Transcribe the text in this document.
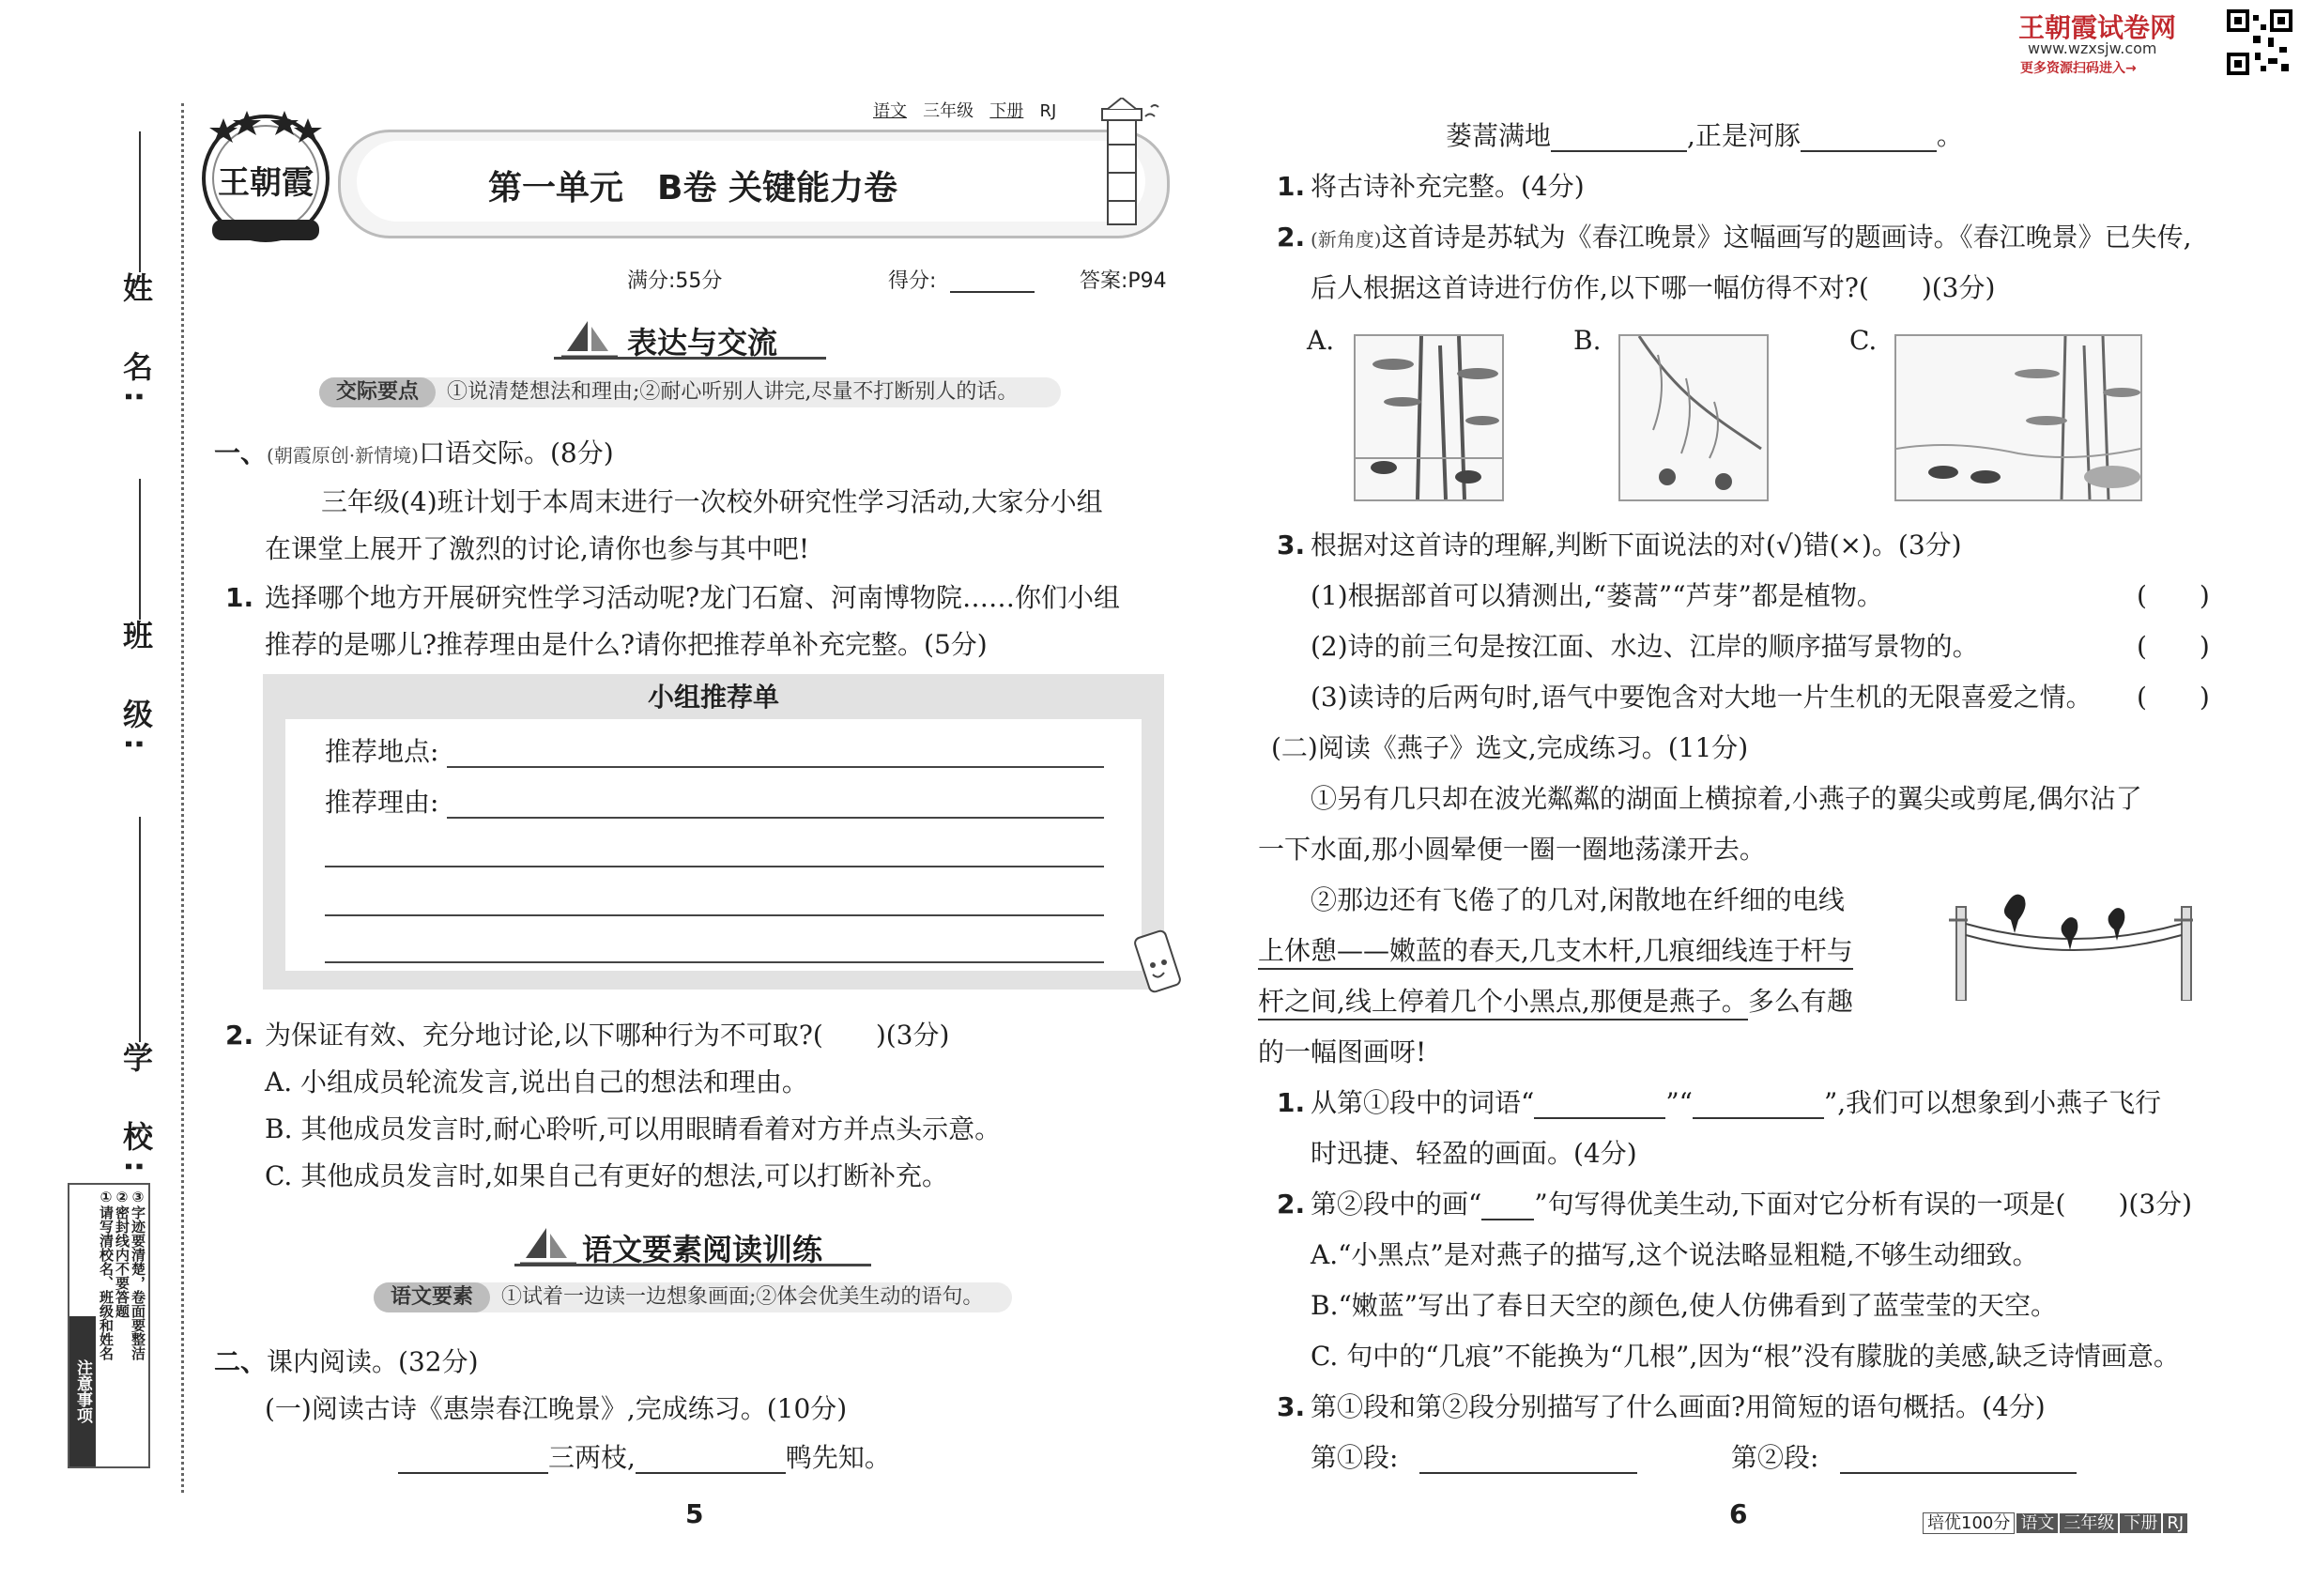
姓　名:
班　级:
学　校:
注意事项
①请写清校名、班级和姓名 ②密封线内不要答题 ③字迹要清楚，卷面要整洁
王朝霞	第一单元　B卷 关键能力卷
语文 三年级 下册 RJ
满分:55分	得分:	答案:P94
表达与交流
交际要点 ①说清楚想法和理由;②耐心听别人讲完,尽量不打断别人的话。
一、(朝霞原创·新情境)口语交际。(8分)
三年级(4)班计划于本周末进行一次校外研究性学习活动,大家分小组
在课堂上展开了激烈的讨论,请你也参与其中吧!
1. 选择哪个地方开展研究性学习活动呢?龙门石窟、河南博物院……你们小组
推荐的是哪儿?推荐理由是什么?请你把推荐单补充完整。(5分)
小组推荐单
推荐地点:
推荐理由:
2. 为保证有效、充分地讨论,以下哪种行为不可取?(　　)(3分)
A. 小组成员轮流发言,说出自己的想法和理由。
B. 其他成员发言时,耐心聆听,可以用眼睛看着对方并点头示意。
C. 其他成员发言时,如果自己有更好的想法,可以打断补充。
语文要素阅读训练
语文要素 ①试着一边读一边想象画面;②体会优美生动的语句。
二、课内阅读。(32分)
(一)阅读古诗《惠崇春江晚景》,完成练习。(10分)
三两枝,	鸭先知。
5
王朝霞试卷网
www.wzxsjw.com
更多资源扫码进入→
蒌蒿满地	,正是河豚	。
1. 将古诗补充完整。(4分)
2. (新角度)这首诗是苏轼为《春江晚景》这幅画写的题画诗。《春江晚景》已失传,
后人根据这首诗进行仿作,以下哪一幅仿得不对?(　　)(3分)
A.	B.	C.
3. 根据对这首诗的理解,判断下面说法的对(√)错(×)。(3分)
(1)根据部首可以猜测出,“蒌蒿”“芦芽”都是植物。	(　　)
(2)诗的前三句是按江面、水边、江岸的顺序描写景物的。	(　　)
(3)读诗的后两句时,语气中要饱含对大地一片生机的无限喜爱之情。 (　　)
(二)阅读《燕子》选文,完成练习。(11分)
①另有几只却在波光粼粼的湖面上横掠着,小燕子的翼尖或剪尾,偶尔沾了
一下水面,那小圆晕便一圈一圈地荡漾开去。
②那边还有飞倦了的几对,闲散地在纤细的电线
上休憩——嫩蓝的春天,几支木杆,几痕细线连于杆与
杆之间,线上停着几个小黑点,那便是燕子。多么有趣
的一幅图画呀!
1. 从第①段中的词语“	”“	”,我们可以想象到小燕子飞行
时迅捷、轻盈的画面。(4分)
2. 第②段中的画“ ”句写得优美生动,下面对它分析有误的一项是(　　)(3分)
A.“小黑点”是对燕子的描写,这个说法略显粗糙,不够生动细致。
B.“嫩蓝”写出了春日天空的颜色,使人仿佛看到了蓝莹莹的天空。
C. 句中的“几痕”不能换为“几根”,因为“根”没有朦胧的美感,缺乏诗情画意。
3. 第①段和第②段分别描写了什么画面?用简短的语句概括。(4分)
第①段:	第②段:
6	培优100分 语文 三年级 下册 RJ
